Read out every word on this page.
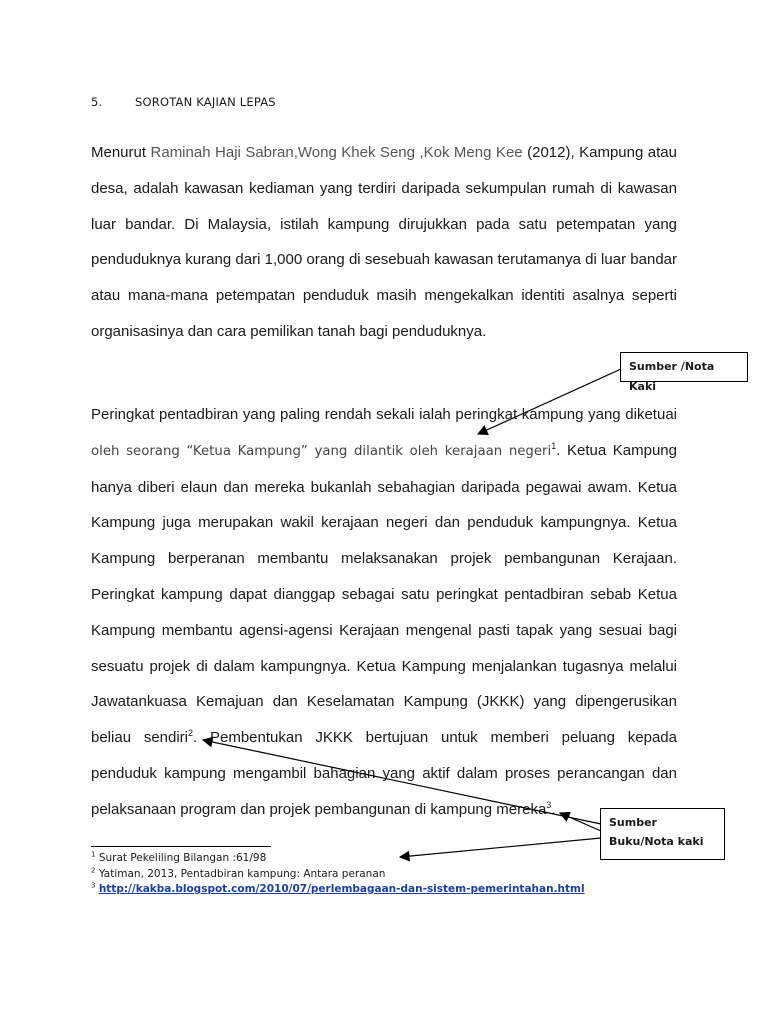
5.	SOROTAN KAJIAN LEPAS
Menurut Raminah Haji Sabran,Wong Khek Seng ,Kok Meng Kee (2012), Kampung atau desa, adalah kawasan kediaman yang terdiri daripada sekumpulan rumah di kawasan luar bandar. Di Malaysia, istilah kampung dirujukkan pada satu petempatan yang penduduknya kurang dari 1,000 orang di sesebuah kawasan terutamanya di luar bandar atau mana-mana petempatan penduduk masih mengekalkan identiti asalnya seperti organisasinya dan cara pemilikan tanah bagi penduduknya.
Peringkat pentadbiran yang paling rendah sekali ialah peringkat kampung yang diketuai oleh seorang “Ketua Kampung” yang dilantik oleh kerajaan negeri$^1$. Ketua Kampung hanya diberi elaun dan mereka bukanlah sebahagian daripada pegawai awam. Ketua Kampung juga merupakan wakil kerajaan negeri dan penduduk kampungnya. Ketua Kampung berperanan membantu melaksanakan projek pembangunan Kerajaan. Peringkat kampung dapat dianggap sebagai satu peringkat pentadbiran sebab Ketua Kampung membantu agensi-agensi Kerajaan mengenal pasti tapak yang sesuai bagi sesuatu projek di dalam kampungnya. Ketua Kampung menjalankan tugasnya melalui Jawatankuasa Kemajuan dan Keselamatan Kampung (JKKK) yang dipengerusikan beliau sendiri$^2$. Pembentukan JKKK bertujuan untuk memberi peluang kepada penduduk kampung mengambil bahagian yang aktif dalam proses perancangan dan pelaksanaan program dan projek pembangunan di kampung mereka$^3$.
$^1$ Surat Pekeliling Bilangan :61/98
$^2$ Yatiman, 2013, Pentadbiran kampung: Antara peranan
$^3$ http://kakba.blogspot.com/2010/07/perlembagaan-dan-sistem-pemerintahan.html
Sumber /Nota Kaki
Sumber Buku/Nota kaki
